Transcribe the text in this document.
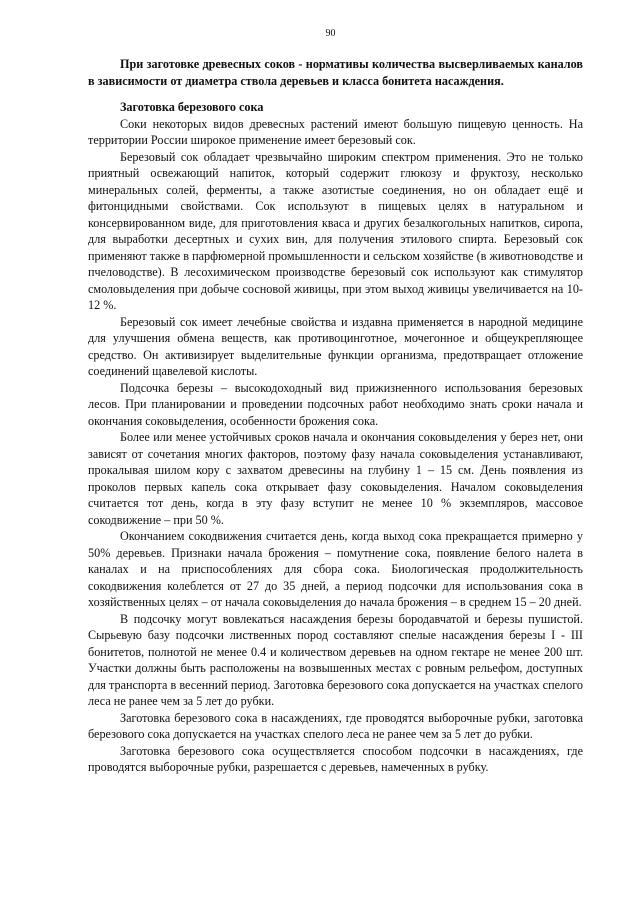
90

При заготовке древесных соков - нормативы количества высверливаемых каналов в зависимости от диаметра ствола деревьев и класса бонитета насаждения.

Заготовка березового сока

Соки некоторых видов древесных растений имеют большую пищевую ценность. На территории России широкое применение имеет березовый сок.

Березовый сок обладает чрезвычайно широким спектром применения. Это не только приятный освежающий напиток, который содержит глюкозу и фруктозу, несколько минеральных солей, ферменты, а также азотистые соединения, но он обладает ещё и фитонцидными свойствами. Сок используют в пищевых целях в натуральном и консервированном виде, для приготовления кваса и других безалкогольных напитков, сиропа, для выработки десертных и сухих вин, для получения этилового спирта. Березовый сок применяют также в парфюмерной промышленности и сельском хозяйстве (в животноводстве и пчеловодстве). В лесохимическом производстве березовый сок используют как стимулятор смоловыделения при добыче сосновой живицы, при этом выход живицы увеличивается на 10-12 %.

Березовый сок имеет лечебные свойства и издавна применяется в народной медицине для улучшения обмена веществ, как противоцинготное, мочегонное и общеукрепляющее средство. Он активизирует выделительные функции организма, предотвращает отложение соединений щавелевой кислоты.

Подсочка березы – высокодоходный вид прижизненного использования березовых лесов. При планировании и проведении подсочных работ необходимо знать сроки начала и окончания соковыделения, особенности брожения сока.

Более или менее устойчивых сроков начала и окончания соковыделения у берез нет, они зависят от сочетания многих факторов, поэтому фазу начала соковыделения устанавливают, прокалывая шилом кору с захватом древесины на глубину 1 – 15 см. День появления из проколов первых капель сока открывает фазу соковыделения. Началом соковыделения считается тот день, когда в эту фазу вступит не менее 10 % экземпляров, массовое сокодвижение – при 50 %.

Окончанием сокодвижения считается день, когда выход сока прекращается примерно у 50% деревьев. Признаки начала брожения – помутнение сока, появление белого налета в каналах и на приспособлениях для сбора сока. Биологическая продолжительность сокодвижения колеблется от 27 до 35 дней, а период подсочки для использования сока в хозяйственных целях – от начала соковыделения до начала брожения – в среднем 15 – 20 дней.

В подсочку могут вовлекаться насаждения березы бородавчатой и березы пушистой. Сырьевую базу подсочки лиственных пород составляют спелые насаждения березы I - III бонитетов, полнотой не менее 0.4 и количеством деревьев на одном гектаре не менее 200 шт. Участки должны быть расположены на возвышенных местах с ровным рельефом, доступных для транспорта в весенний период. Заготовка березового сока допускается на участках спелого леса не ранее чем за 5 лет до рубки.

Заготовка березового сока в насаждениях, где проводятся выборочные рубки, заготовка березового сока допускается на участках спелого леса не ранее чем за 5 лет до рубки.

Заготовка березового сока осуществляется способом подсочки в насаждениях, где проводятся выборочные рубки, разрешается с деревьев, намеченных в рубку.
